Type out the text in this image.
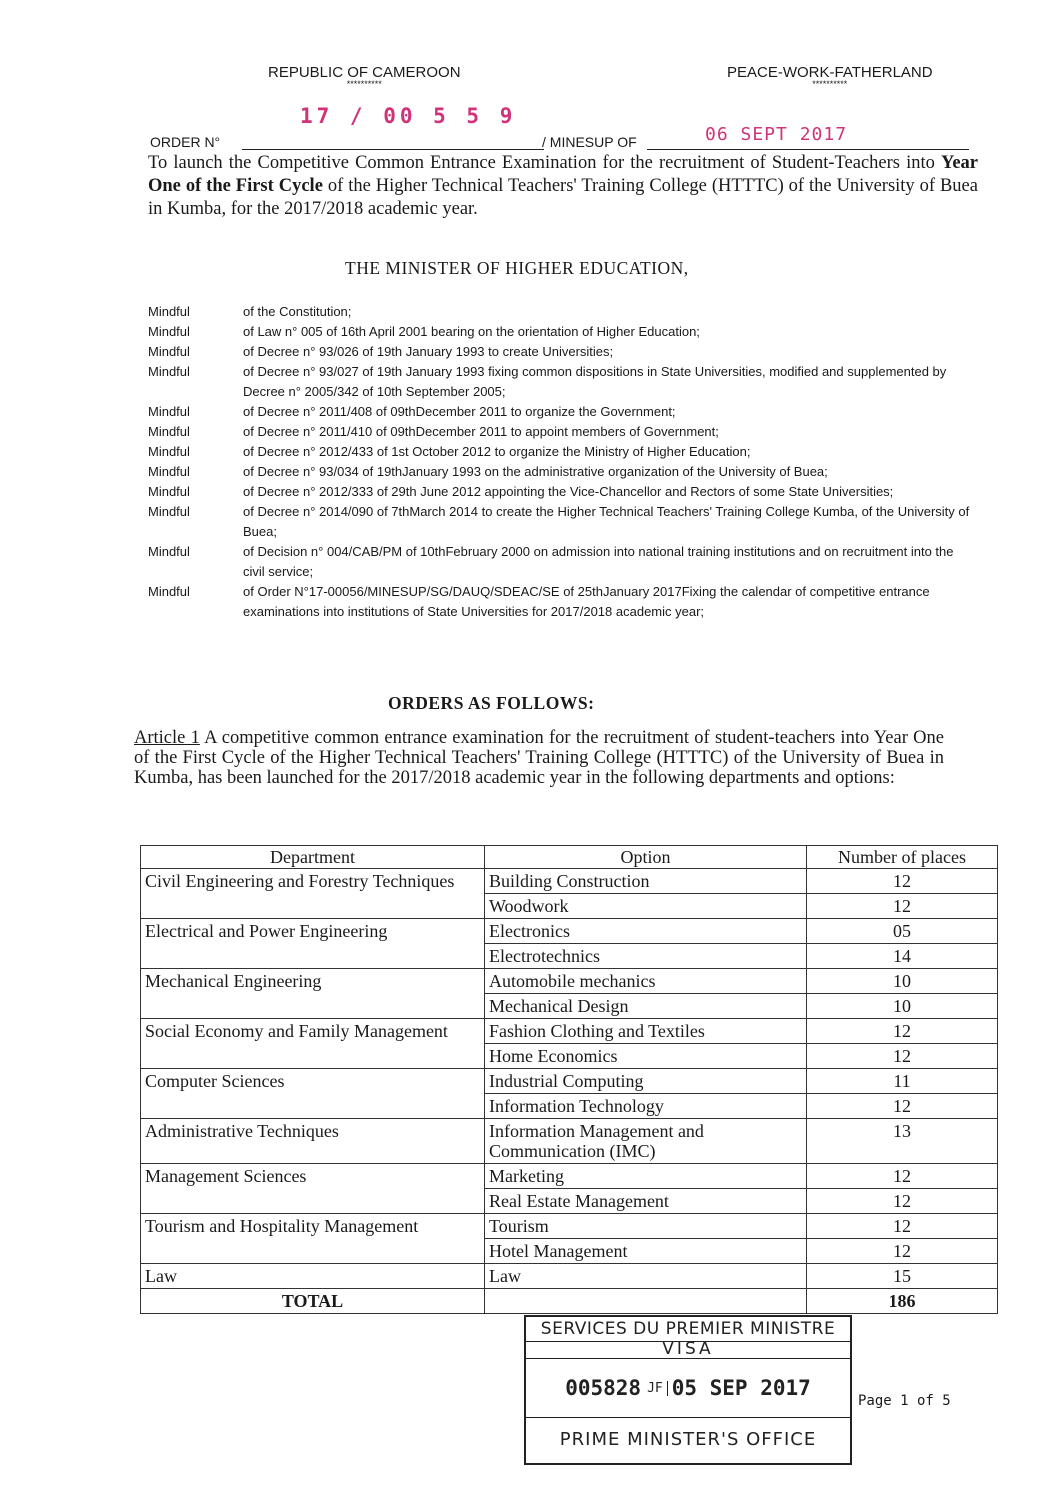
REPUBLIC OF CAMEROON
**********
PEACE-WORK-FATHERLAND
**********
ORDER N°
17 / 00 5 5 9
/ MINESUP OF	06 SEPT 2017
To launch the Competitive Common Entrance Examination for the recruitment of Student-Teachers into Year One of the First Cycle of the Higher Technical Teachers' Training College (HTTTC) of the University of Buea in Kumba, for the 2017/2018 academic year.
THE MINISTER OF HIGHER EDUCATION,
Mindful	of the Constitution;
Mindful	of Law n° 005 of 16th April 2001 bearing on the orientation of Higher Education;
Mindful	of Decree n° 93/026 of 19th January 1993 to create Universities;
Mindful	of Decree n° 93/027 of 19th January 1993 fixing common dispositions in State Universities, modified and supplemented by Decree n° 2005/342 of 10th September 2005;
Mindful	of Decree n° 2011/408 of 09thDecember 2011 to organize the Government;
Mindful	of Decree n° 2011/410 of 09thDecember 2011 to appoint members of Government;
Mindful	of Decree n° 2012/433 of 1st October 2012 to organize the Ministry of Higher Education;
Mindful	of Decree n° 93/034 of 19thJanuary 1993 on the administrative organization of the University of Buea;
Mindful	of Decree n° 2012/333 of 29th June 2012 appointing the Vice-Chancellor and Rectors of some State Universities;
Mindful	of Decree n° 2014/090 of 7thMarch 2014 to create the Higher Technical Teachers' Training College Kumba, of the University of Buea;
Mindful	of Decision n° 004/CAB/PM of 10thFebruary 2000 on admission into national training institutions and on recruitment into the civil service;
Mindful	of Order N°17-00056/MINESUP/SG/DAUQ/SDEAC/SE of 25thJanuary 2017Fixing the calendar of competitive entrance examinations into institutions of State Universities for 2017/2018 academic year;
ORDERS AS FOLLOWS:
Article 1 A competitive common entrance examination for the recruitment of student-teachers into Year One of the First Cycle of the Higher Technical Teachers' Training College (HTTTC) of the University of Buea in Kumba, has been launched for the 2017/2018 academic year in the following departments and options:
Department	Option	Number of places
Civil Engineering and Forestry Techniques	Building Construction	12
	Woodwork	12
Electrical and Power Engineering	Electronics	05
	Electrotechnics	14
Mechanical Engineering	Automobile mechanics	10
	Mechanical Design	10
Social Economy and Family Management	Fashion Clothing and Textiles	12
	Home Economics	12
Computer Sciences	Industrial Computing	11
	Information Technology	12
Administrative Techniques	Information Management and Communication (IMC)	13
Management Sciences	Marketing	12
	Real Estate Management	12
Tourism and Hospitality Management	Tourism	12
	Hotel Management	12
Law	Law	15
TOTAL		186
SERVICES DU PREMIER MINISTRE
VISA
005828 JF 05 SEP 2017
PRIME MINISTER'S OFFICE
Page 1 of 5
